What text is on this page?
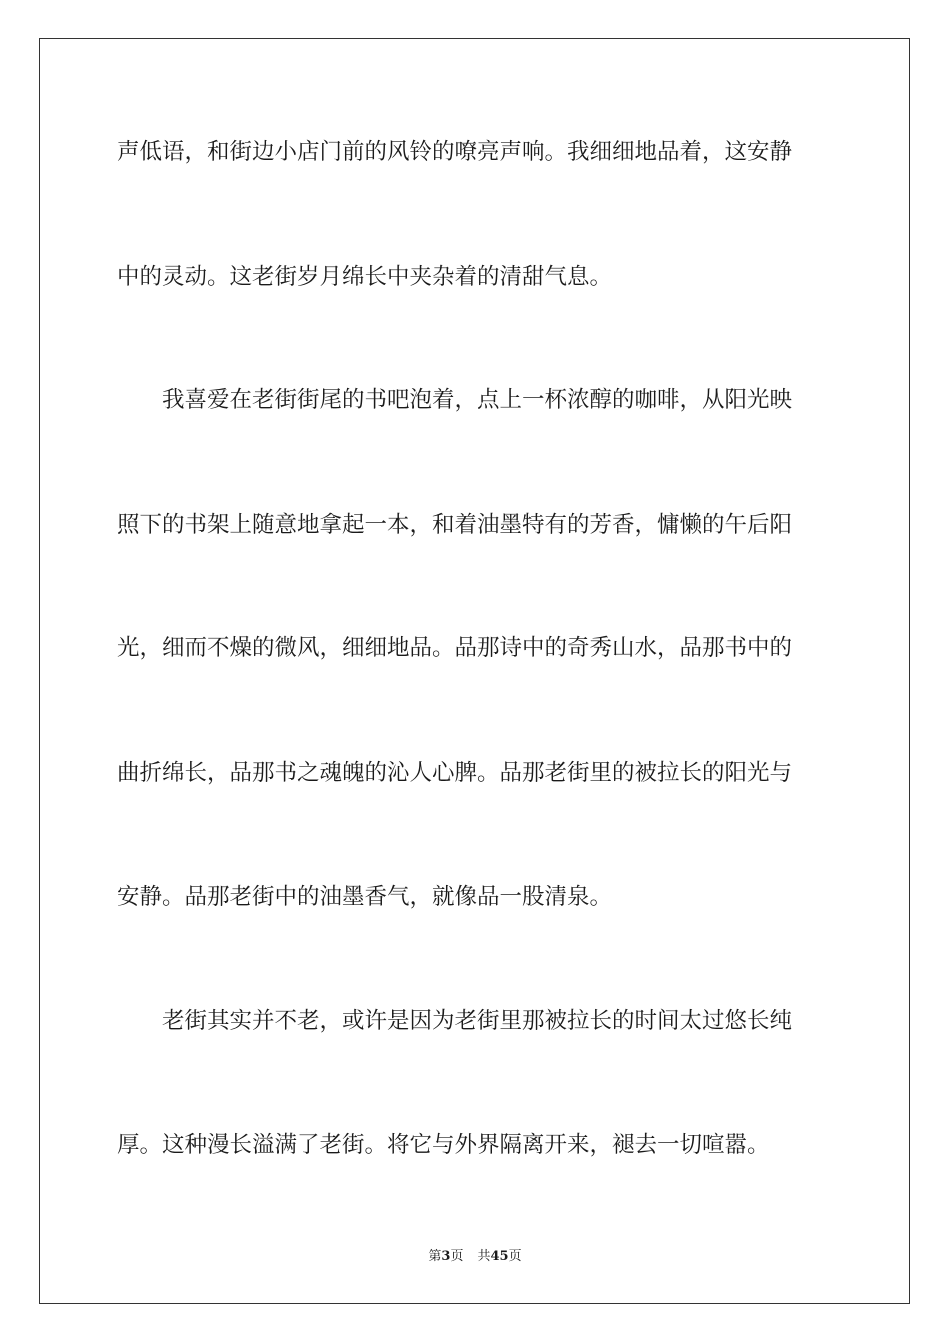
声低语，和街边小店门前的风铃的嘹亮声响。我细细地品着，这安静
中的灵动。这老街岁月绵长中夹杂着的清甜气息。
　　我喜爱在老街街尾的书吧泡着，点上一杯浓醇的咖啡，从阳光映
照下的书架上随意地拿起一本，和着油墨特有的芳香，慵懒的午后阳
光，细而不燥的微风，细细地品。品那诗中的奇秀山水，品那书中的
曲折绵长，品那书之魂魄的沁人心脾。品那老街里的被拉长的阳光与
安静。品那老街中的油墨香气，就像品一股清泉。
　　老街其实并不老，或许是因为老街里那被拉长的时间太过悠长纯
厚。这种漫长溢满了老街。将它与外界隔离开来，褪去一切喧嚣。
第3页 共45页
